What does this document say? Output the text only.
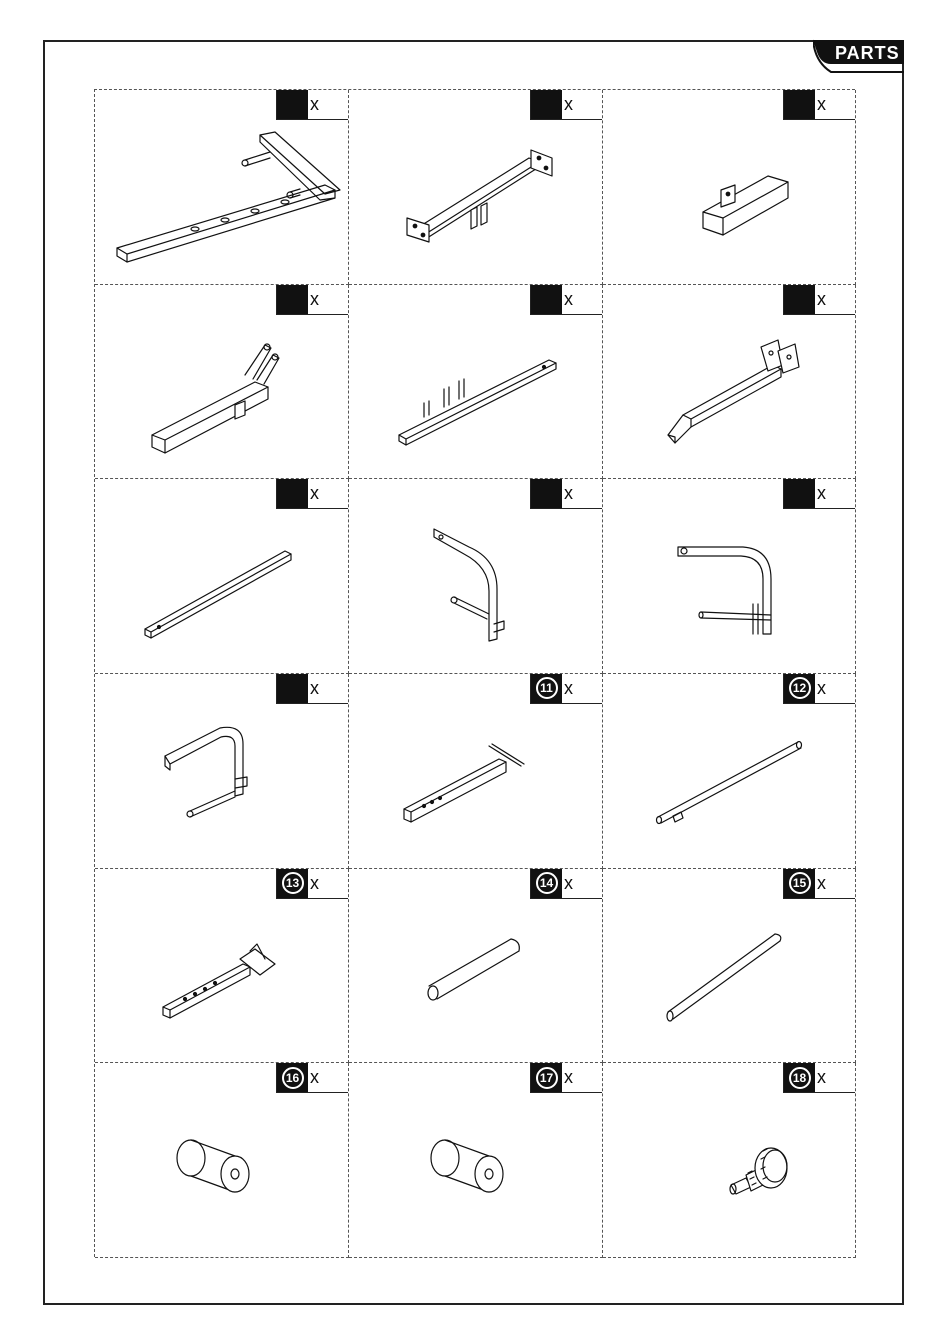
PARTS
x	x	x
x	x	x
x	x	x
x	11 x	12 x
13 x	14 x	15 x
16 x	17 x	18 x
